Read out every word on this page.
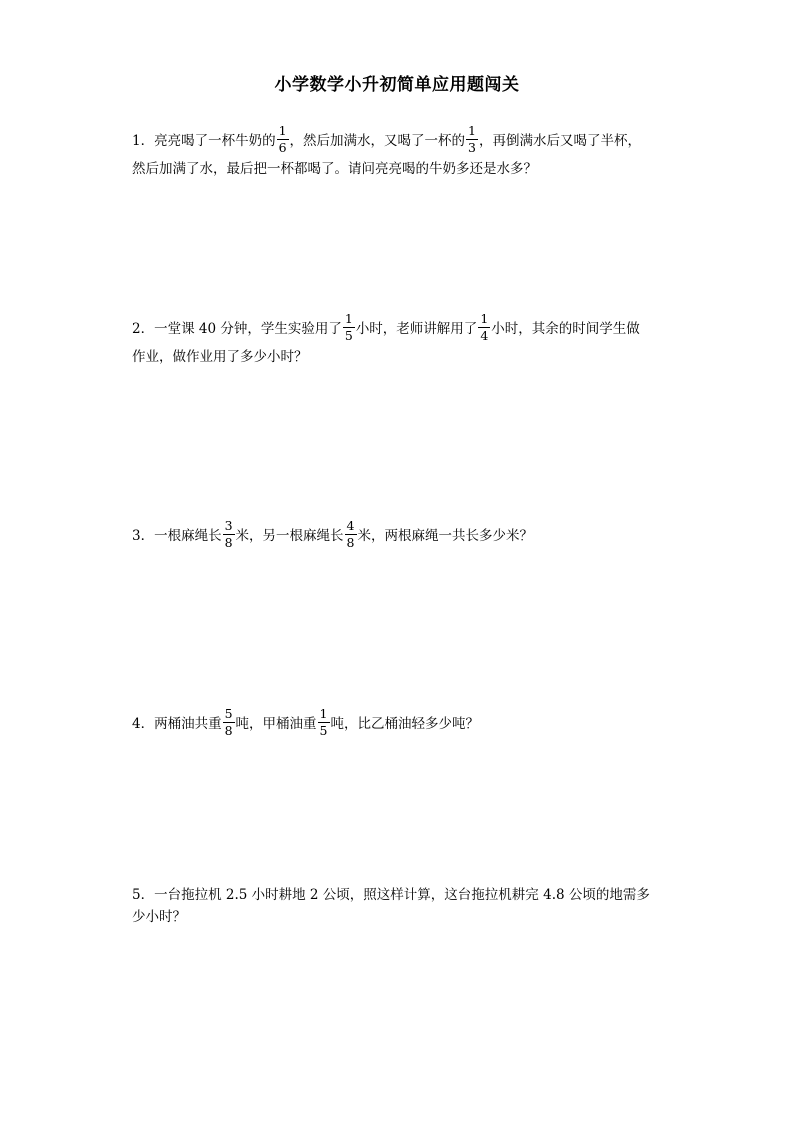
小学数学小升初简单应用题闯关
1．亮亮喝了一杯牛奶的 $\frac{1}{6}$ ，然后加满水，又喝了一杯的 $\frac{1}{3}$ ，再倒满水后又喝了半杯，
然后加满了水，最后把一杯都喝了。请问亮亮喝的牛奶多还是水多？
2．一堂课 40 分钟，学生实验用了 $\frac{1}{5}$ 小时，老师讲解用了 $\frac{1}{4}$ 小时，其余的时间学生做
作业，做作业用了多少小时？
3．一根麻绳长 $\frac{3}{8}$ 米，另一根麻绳长 $\frac{4}{8}$ 米，两根麻绳一共长多少米？
4．两桶油共重 $\frac{5}{8}$ 吨，甲桶油重 $\frac{1}{5}$ 吨，比乙桶油轻多少吨？
5．一台拖拉机 2.5 小时耕地 2 公顷，照这样计算，这台拖拉机耕完 4.8 公顷的地需多
少小时？
